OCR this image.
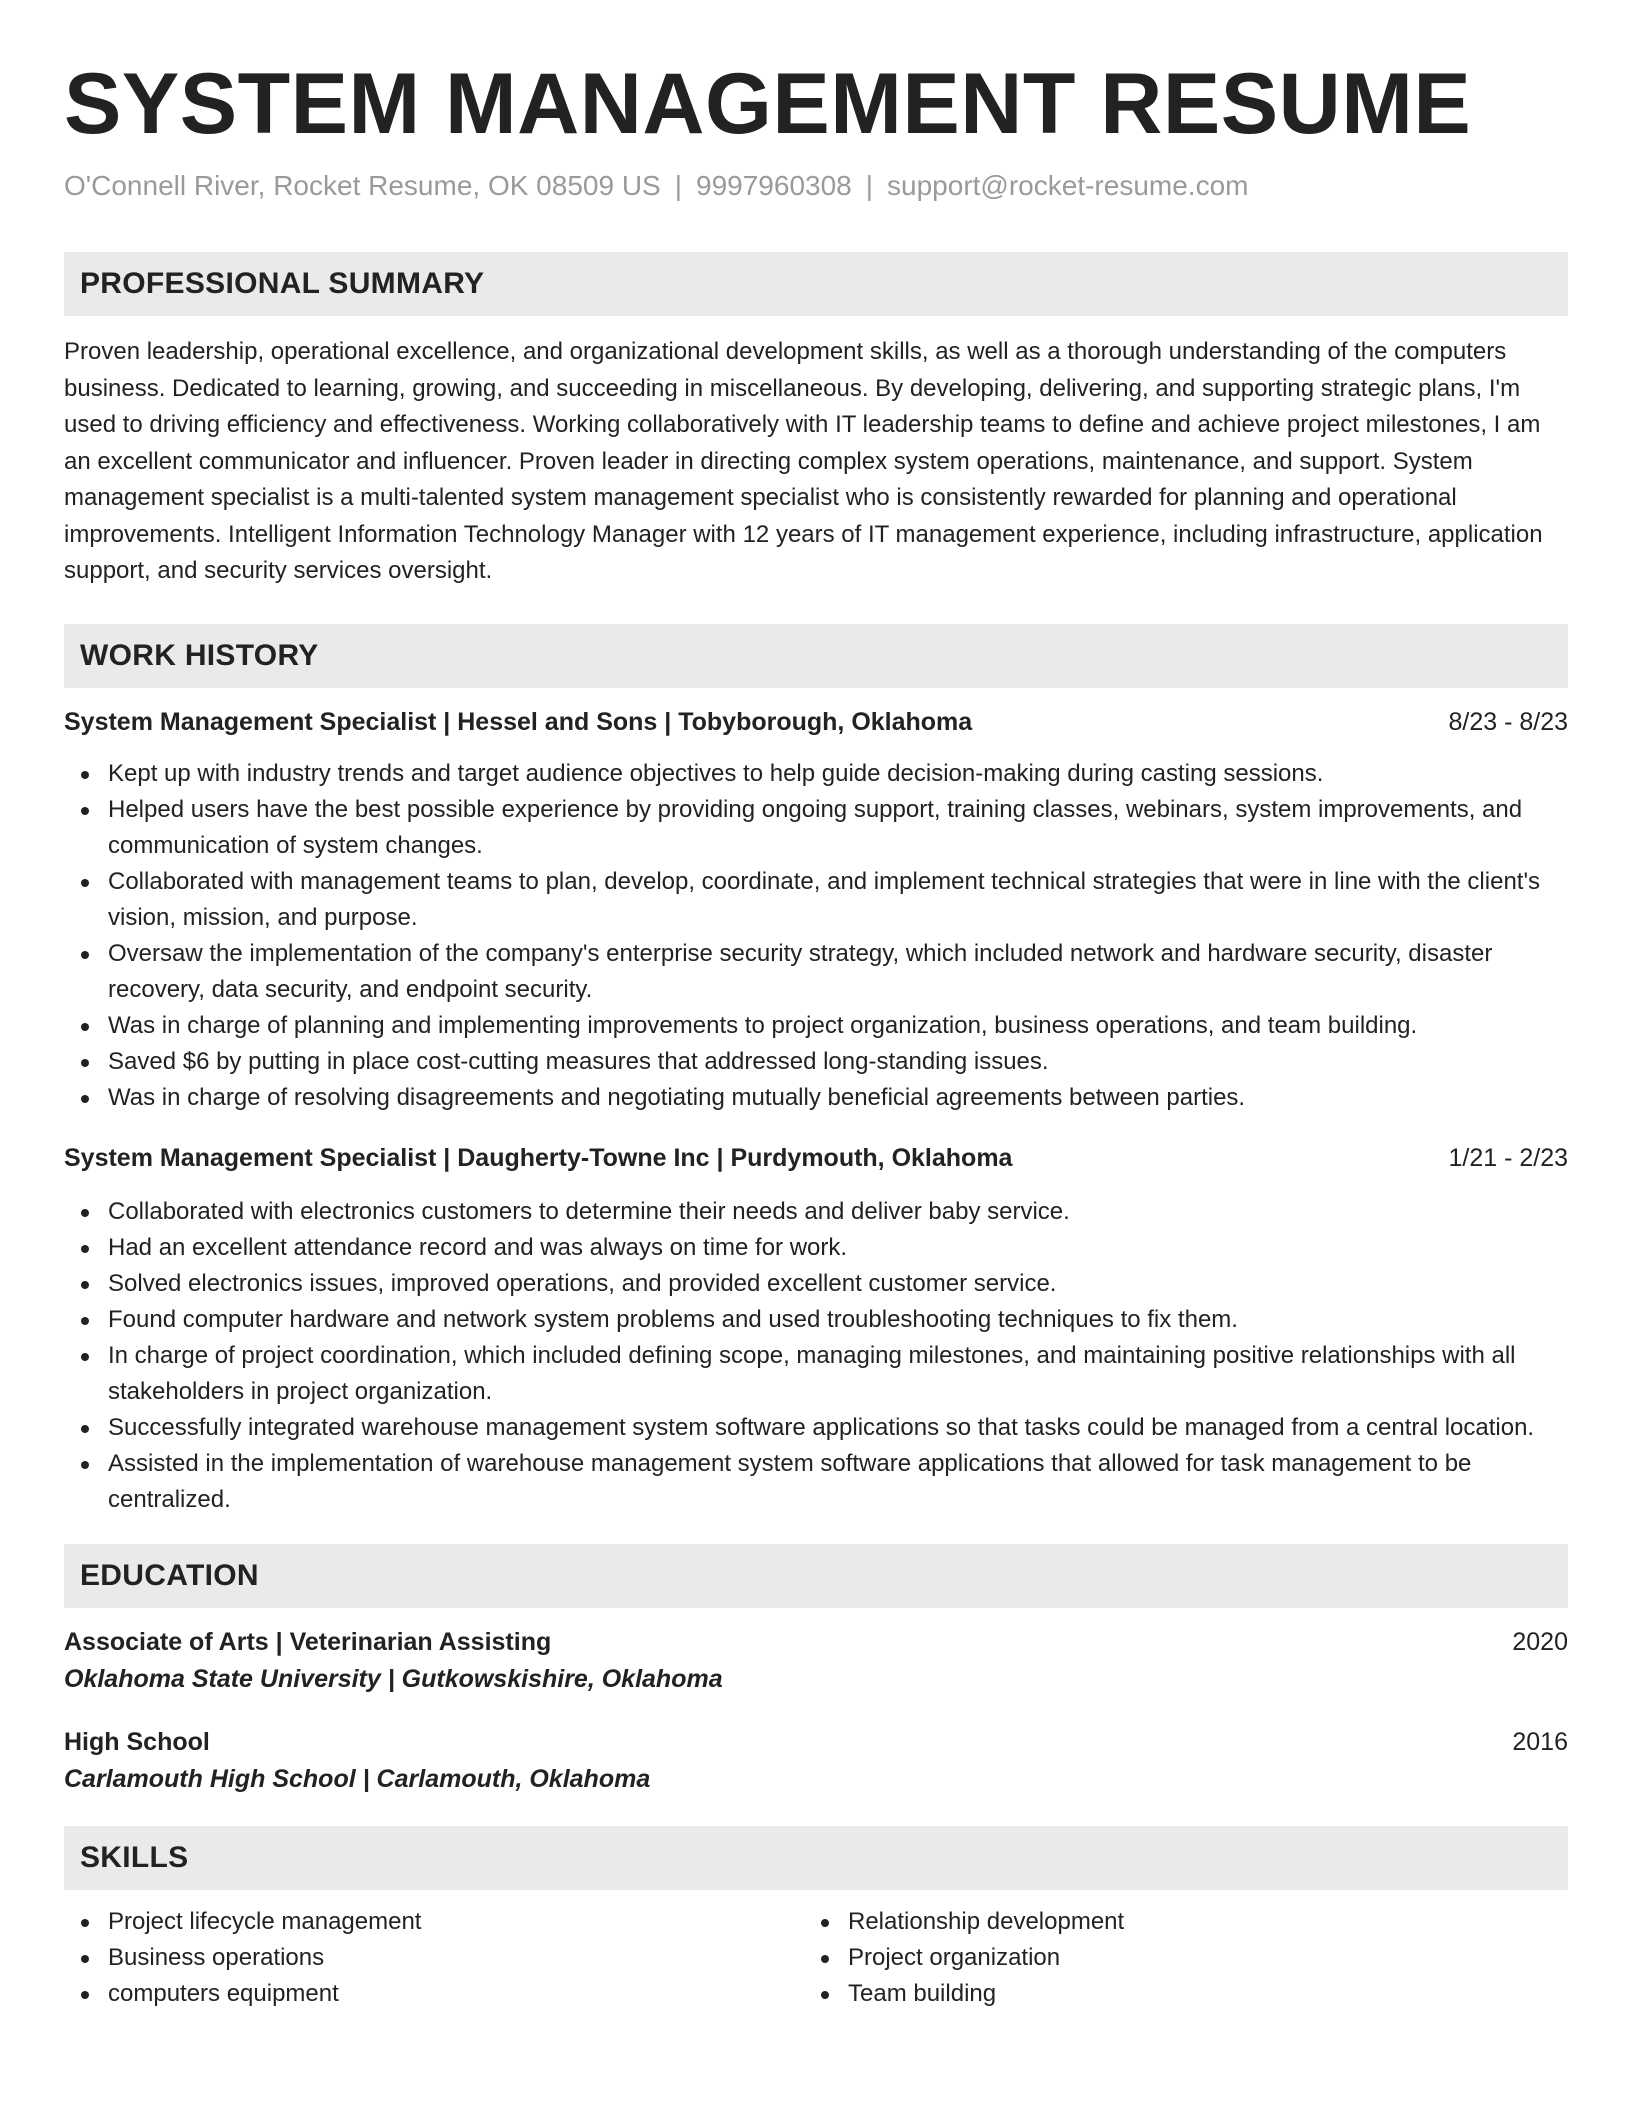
SYSTEM MANAGEMENT RESUME
O'Connell River, Rocket Resume, OK 08509 US | 9997960308 | support@rocket-resume.com
PROFESSIONAL SUMMARY

Proven leadership, operational excellence, and organizational development skills, as well as a thorough understanding of the computers business. Dedicated to learning, growing, and succeeding in miscellaneous. By developing, delivering, and supporting strategic plans, I'm used to driving efficiency and effectiveness. Working collaboratively with IT leadership teams to define and achieve project milestones, I am an excellent communicator and influencer. Proven leader in directing complex system operations, maintenance, and support. System management specialist is a multi-talented system management specialist who is consistently rewarded for planning and operational improvements. Intelligent Information Technology Manager with 12 years of IT management experience, including infrastructure, application support, and security services oversight.

WORK HISTORY
System Management Specialist | Hessel and Sons | Tobyborough, Oklahoma	8/23 - 8/23
Kept up with industry trends and target audience objectives to help guide decision-making during casting sessions.
Helped users have the best possible experience by providing ongoing support, training classes, webinars, system improvements, and communication of system changes.
Collaborated with management teams to plan, develop, coordinate, and implement technical strategies that were in line with the client's vision, mission, and purpose.
Oversaw the implementation of the company's enterprise security strategy, which included network and hardware security, disaster recovery, data security, and endpoint security.
Was in charge of planning and implementing improvements to project organization, business operations, and team building.
Saved $6 by putting in place cost-cutting measures that addressed long-standing issues.
Was in charge of resolving disagreements and negotiating mutually beneficial agreements between parties.
System Management Specialist | Daugherty-Towne Inc | Purdymouth, Oklahoma	1/21 - 2/23
Collaborated with electronics customers to determine their needs and deliver baby service.
Had an excellent attendance record and was always on time for work.
Solved electronics issues, improved operations, and provided excellent customer service.
Found computer hardware and network system problems and used troubleshooting techniques to fix them.
In charge of project coordination, which included defining scope, managing milestones, and maintaining positive relationships with all stakeholders in project organization.
Successfully integrated warehouse management system software applications so that tasks could be managed from a central location.
Assisted in the implementation of warehouse management system software applications that allowed for task management to be centralized.
EDUCATION
Associate of Arts | Veterinarian Assisting	2020
Oklahoma State University | Gutkowskishire, Oklahoma
High School	2016
Carlamouth High School | Carlamouth, Oklahoma
SKILLS
Project lifecycle management
Business operations
computers equipment
Relationship development
Project organization
Team building
